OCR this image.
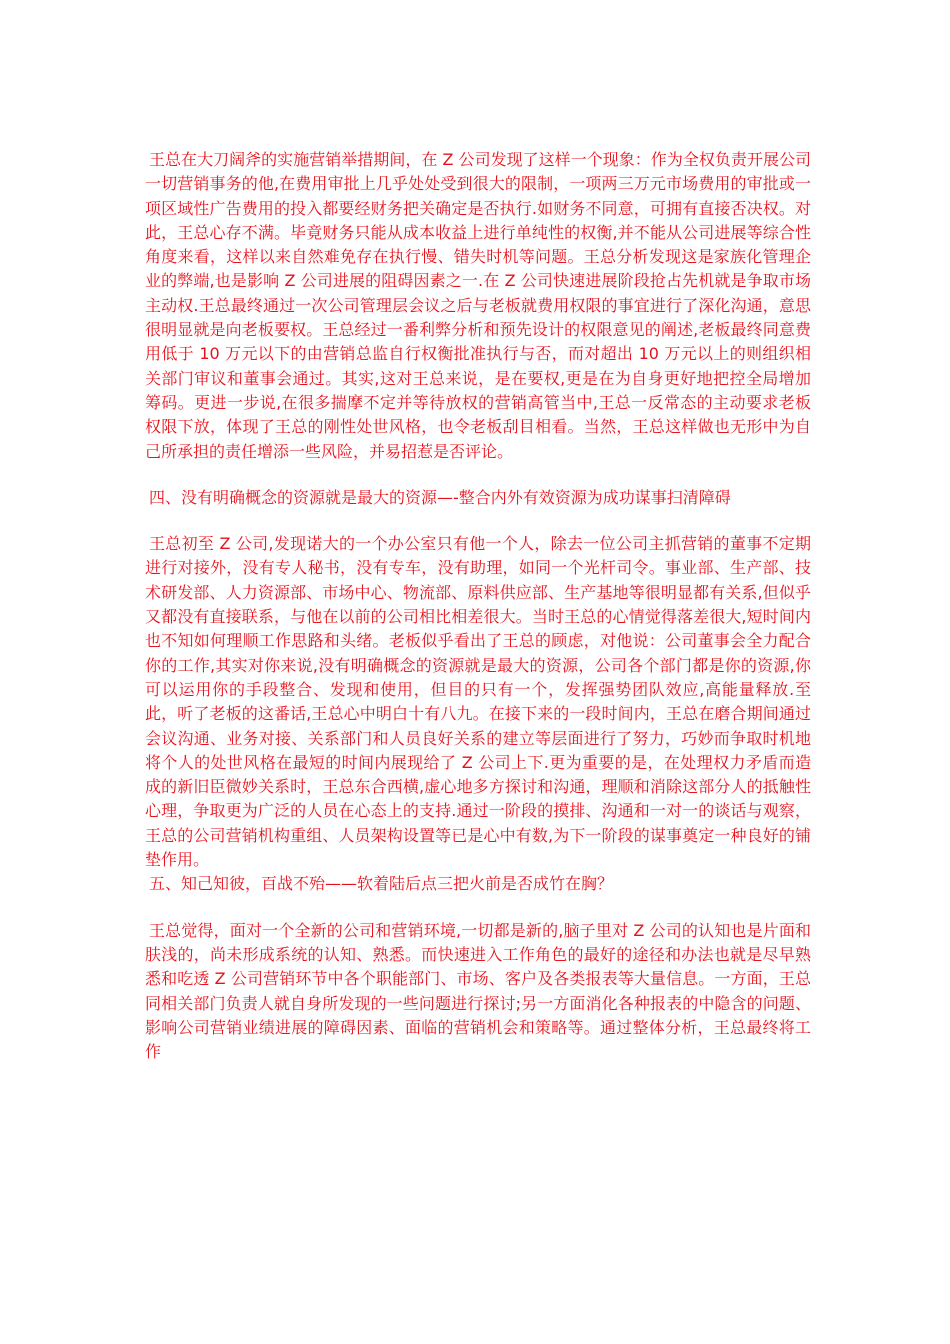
王总在大刀阔斧的实施营销举措期间，在 Z 公司发现了这样一个现象：作为全权负责开展公司一切营销事务的他,在费用审批上几乎处处受到很大的限制，一项两三万元市场费用的审批或一项区域性广告费用的投入都要经财务把关确定是否执行.如财务不同意，可拥有直接否决权。对此，王总心存不满。毕竟财务只能从成本收益上进行单纯性的权衡,并不能从公司进展等综合性角度来看，这样以来自然难免存在执行慢、错失时机等问题。王总分析发现这是家族化管理企业的弊端,也是影响 Z 公司进展的阻碍因素之一.在 Z 公司快速进展阶段抢占先机就是争取市场主动权.王总最终通过一次公司管理层会议之后与老板就费用权限的事宜进行了深化沟通，意思很明显就是向老板要权。王总经过一番利弊分析和预先设计的权限意见的阐述,老板最终同意费用低于 10 万元以下的由营销总监自行权衡批准执行与否，而对超出 10 万元以上的则组织相关部门审议和董事会通过。其实,这对王总来说，是在要权,更是在为自身更好地把控全局增加筹码。更进一步说,在很多揣摩不定并等待放权的营销高管当中,王总一反常态的主动要求老板权限下放，体现了王总的刚性处世风格，也令老板刮目相看。当然，王总这样做也无形中为自己所承担的责任增添一些风险，并易招惹是否评论。

四、没有明确概念的资源就是最大的资源—-整合内外有效资源为成功谋事扫清障碍

王总初至 Z 公司,发现诺大的一个办公室只有他一个人，除去一位公司主抓营销的董事不定期进行对接外，没有专人秘书，没有专车，没有助理，如同一个光杆司令。事业部、生产部、技术研发部、人力资源部、市场中心、物流部、原料供应部、生产基地等很明显都有关系,但似乎又都没有直接联系，与他在以前的公司相比相差很大。当时王总的心情觉得落差很大,短时间内也不知如何理顺工作思路和头绪。老板似乎看出了王总的顾虑，对他说：公司董事会全力配合你的工作,其实对你来说,没有明确概念的资源就是最大的资源，公司各个部门都是你的资源,你可以运用你的手段整合、发现和使用，但目的只有一个，发挥强势团队效应,高能量释放.至此，听了老板的这番话,王总心中明白十有八九。在接下来的一段时间内，王总在磨合期间通过会议沟通、业务对接、关系部门和人员良好关系的建立等层面进行了努力，巧妙而争取时机地将个人的处世风格在最短的时间内展现给了 Z 公司上下.更为重要的是，在处理权力矛盾而造成的新旧臣微妙关系时，王总东合西横,虚心地多方探讨和沟通，理顺和消除这部分人的抵触性心理，争取更为广泛的人员在心态上的支持.通过一阶段的摸排、沟通和一对一的谈话与观察，王总的公司营销机构重组、人员架构设置等已是心中有数,为下一阶段的谋事奠定一种良好的铺垫作用。

五、知己知彼，百战不殆——软着陆后点三把火前是否成竹在胸？

王总觉得，面对一个全新的公司和营销环境,一切都是新的,脑子里对 Z 公司的认知也是片面和肤浅的，尚未形成系统的认知、熟悉。而快速进入工作角色的最好的途径和办法也就是尽早熟悉和吃透 Z 公司营销环节中各个职能部门、市场、客户及各类报表等大量信息。一方面，王总同相关部门负责人就自身所发现的一些问题进行探讨;另一方面消化各种报表的中隐含的问题、影响公司营销业绩进展的障碍因素、面临的营销机会和策略等。通过整体分析，王总最终将工作
